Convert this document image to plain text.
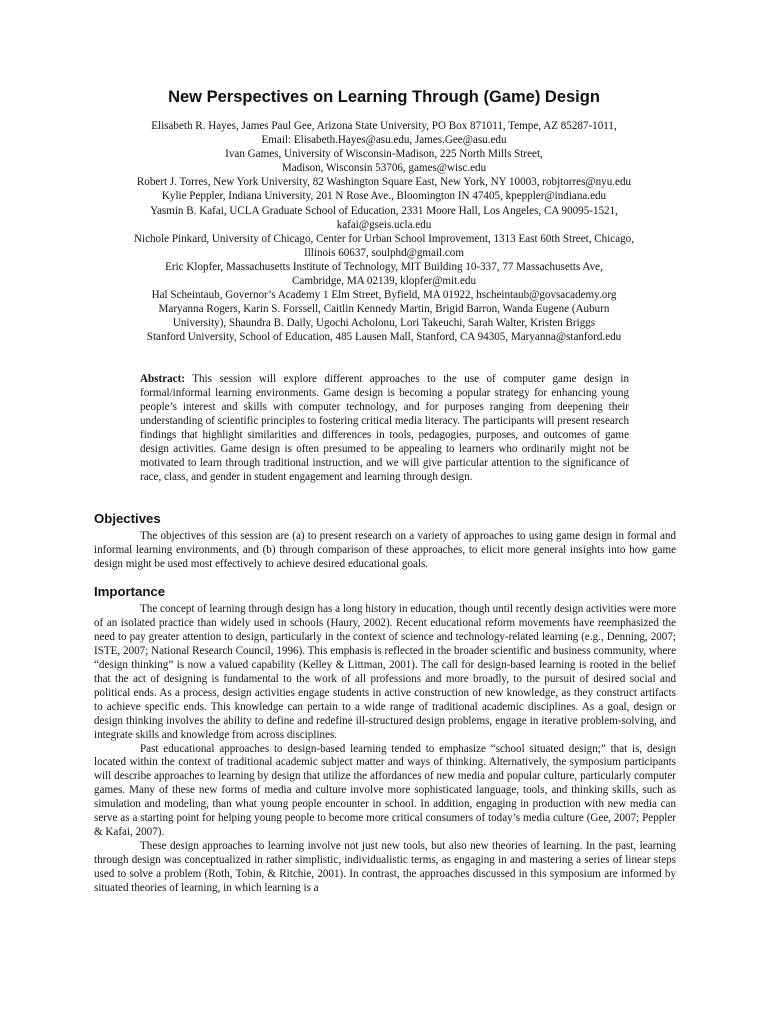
New Perspectives on Learning Through (Game) Design
Elisabeth R. Hayes, James Paul Gee, Arizona State University, PO Box 871011, Tempe, AZ 85287-1011,
Email: Elisabeth.Hayes@asu.edu, James.Gee@asu.edu
Ivan Games, University of Wisconsin-Madison, 225 North Mills Street,
Madison, Wisconsin 53706, games@wisc.edu
Robert J. Torres, New York University, 82 Washington Square East, New York, NY 10003, robjtorres@nyu.edu
Kylie Peppler, Indiana University, 201 N Rose Ave., Bloomington IN 47405, kpeppler@indiana.edu
Yasmin B. Kafai, UCLA Graduate School of Education, 2331 Moore Hall, Los Angeles, CA 90095-1521,
kafai@gseis.ucla.edu
Nichole Pinkard, University of Chicago, Center for Urban School Improvement, 1313 East 60th Street, Chicago,
Illinois 60637, soulphd@gmail.com
Eric Klopfer, Massachusetts Institute of Technology, MIT Building 10-337, 77 Massachusetts Ave,
Cambridge, MA 02139, klopfer@mit.edu
Hal Scheintaub, Governor’s Academy 1 Elm Street, Byfield, MA 01922, hscheintaub@govsacademy.org
Maryanna Rogers, Karin S. Forssell, Caitlin Kennedy Martin, Brigid Barron, Wanda Eugene (Auburn
University), Shaundra B. Daily, Ugochi Acholonu, Lori Takeuchi, Sarah Walter, Kristen Briggs
Stanford University, School of Education, 485 Lausen Mall, Stanford, CA 94305, Maryanna@stanford.edu

Abstract: This session will explore different approaches to the use of computer game design in formal/informal learning environments. Game design is becoming a popular strategy for enhancing young people’s interest and skills with computer technology, and for purposes ranging from deepening their understanding of scientific principles to fostering critical media literacy. The participants will present research findings that highlight similarities and differences in tools, pedagogies, purposes, and outcomes of game design activities. Game design is often presumed to be appealing to learners who ordinarily might not be motivated to learn through traditional instruction, and we will give particular attention to the significance of race, class, and gender in student engagement and learning through design.

Objectives

The objectives of this session are (a) to present research on a variety of approaches to using game design in formal and informal learning environments, and (b) through comparison of these approaches, to elicit more general insights into how game design might be used most effectively to achieve desired educational goals.

Importance

The concept of learning through design has a long history in education, though until recently design activities were more of an isolated practice than widely used in schools (Haury, 2002). Recent educational reform movements have reemphasized the need to pay greater attention to design, particularly in the context of science and technology-related learning (e.g., Denning, 2007; ISTE, 2007; National Research Council, 1996). This emphasis is reflected in the broader scientific and business community, where “design thinking” is now a valued capability (Kelley & Littman, 2001). The call for design-based learning is rooted in the belief that the act of designing is fundamental to the work of all professions and more broadly, to the pursuit of desired social and political ends. As a process, design activities engage students in active construction of new knowledge, as they construct artifacts to achieve specific ends. This knowledge can pertain to a wide range of traditional academic disciplines. As a goal, design or design thinking involves the ability to define and redefine ill-structured design problems, engage in iterative problem-solving, and integrate skills and knowledge from across disciplines.

Past educational approaches to design-based learning tended to emphasize “school situated design;” that is, design located within the context of traditional academic subject matter and ways of thinking. Alternatively, the symposium participants will describe approaches to learning by design that utilize the affordances of new media and popular culture, particularly computer games. Many of these new forms of media and culture involve more sophisticated language, tools, and thinking skills, such as simulation and modeling, than what young people encounter in school. In addition, engaging in production with new media can serve as a starting point for helping young people to become more critical consumers of today’s media culture (Gee, 2007; Peppler & Kafai, 2007).

These design approaches to learning involve not just new tools, but also new theories of learning. In the past, learning through design was conceptualized in rather simplistic, individualistic terms, as engaging in and mastering a series of linear steps used to solve a problem (Roth, Tobin, & Ritchie, 2001). In contrast, the approaches discussed in this symposium are informed by situated theories of learning, in which learning is a
